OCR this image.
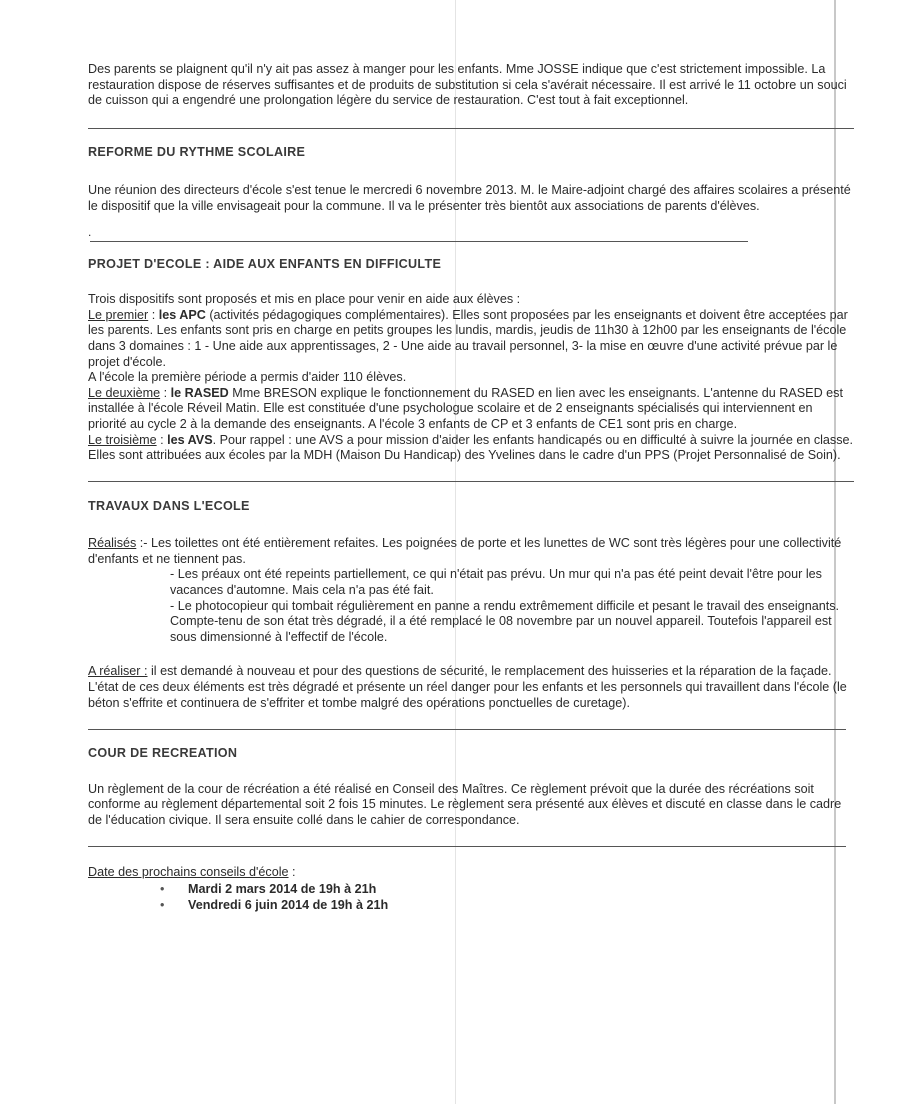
Des parents se plaignent qu'il n'y ait pas assez à manger pour les enfants. Mme JOSSE indique que c'est strictement impossible. La restauration dispose de réserves suffisantes et de produits de substitution si cela s'avérait nécessaire. Il est arrivé le 11 octobre un souci de cuisson qui a engendré une prolongation légère du service de restauration. C'est tout à fait exceptionnel.

REFORME DU RYTHME SCOLAIRE

Une réunion des directeurs d'école s'est tenue le mercredi 6 novembre 2013. M. le Maire-adjoint chargé des affaires scolaires a présenté le dispositif que la ville envisageait pour la commune. Il va le présenter très bientôt aux associations de parents d'élèves.

.

PROJET D'ECOLE : AIDE AUX ENFANTS EN DIFFICULTE

Trois dispositifs sont proposés et mis en place pour venir en aide aux élèves :

Le premier : les APC (activités pédagogiques complémentaires). Elles sont proposées par les enseignants et doivent être acceptées par les parents. Les enfants sont pris en charge en petits groupes les lundis, mardis, jeudis de 11h30 à 12h00 par les enseignants de l'école dans 3 domaines : 1 - Une aide aux apprentissages, 2 - Une aide au travail personnel, 3- la mise en œuvre d'une activité prévue par le projet d'école.

A l'école la première période a permis d'aider 110 élèves.

Le deuxième : le RASED Mme BRESON explique le fonctionnement du RASED en lien avec les enseignants. L'antenne du RASED est installée à l'école Réveil Matin. Elle est constituée d'une psychologue scolaire et de 2 enseignants spécialisés qui interviennent en priorité au cycle 2 à la demande des enseignants. A l'école 3 enfants de CP et 3 enfants de CE1 sont pris en charge.

Le troisième : les AVS. Pour rappel : une AVS a pour mission d'aider les enfants handicapés ou en difficulté à suivre la journée en classe. Elles sont attribuées aux écoles par la MDH (Maison Du Handicap) des Yvelines dans le cadre d'un PPS (Projet Personnalisé de Soin).

TRAVAUX DANS L'ECOLE

Réalisés :- Les toilettes ont été entièrement refaites. Les poignées de porte et les lunettes de WC sont très légères pour une collectivité d'enfants et ne tiennent pas.

- Les préaux ont été repeints partiellement, ce qui n'était pas prévu. Un mur qui n'a pas été peint devait l'être pour les vacances d'automne. Mais cela n'a pas été fait.

- Le photocopieur qui tombait régulièrement en panne a rendu extrêmement difficile et pesant le travail des enseignants. Compte-tenu de son état très dégradé, il a été remplacé le 08 novembre par un nouvel appareil. Toutefois l'appareil est sous dimensionné à l'effectif de l'école.

A réaliser : il est demandé à nouveau et pour des questions de sécurité, le remplacement des huisseries et la réparation de la façade. L'état de ces deux éléments est très dégradé et présente un réel danger pour les enfants et les personnels qui travaillent dans l'école (le béton s'effrite et continuera de s'effriter et tombe malgré des opérations ponctuelles de curetage).

COUR DE RECREATION

Un règlement de la cour de récréation a été réalisé en Conseil des Maîtres. Ce règlement prévoit que la durée des récréations soit conforme au règlement départemental soit 2 fois 15 minutes. Le règlement sera présenté aux élèves et discuté en classe dans le cadre de l'éducation civique. Il sera ensuite collé dans le cahier de correspondance.

Date des prochains conseils d'école :

• Mardi 2 mars 2014 de 19h à 21h
• Vendredi 6 juin 2014 de 19h à 21h
